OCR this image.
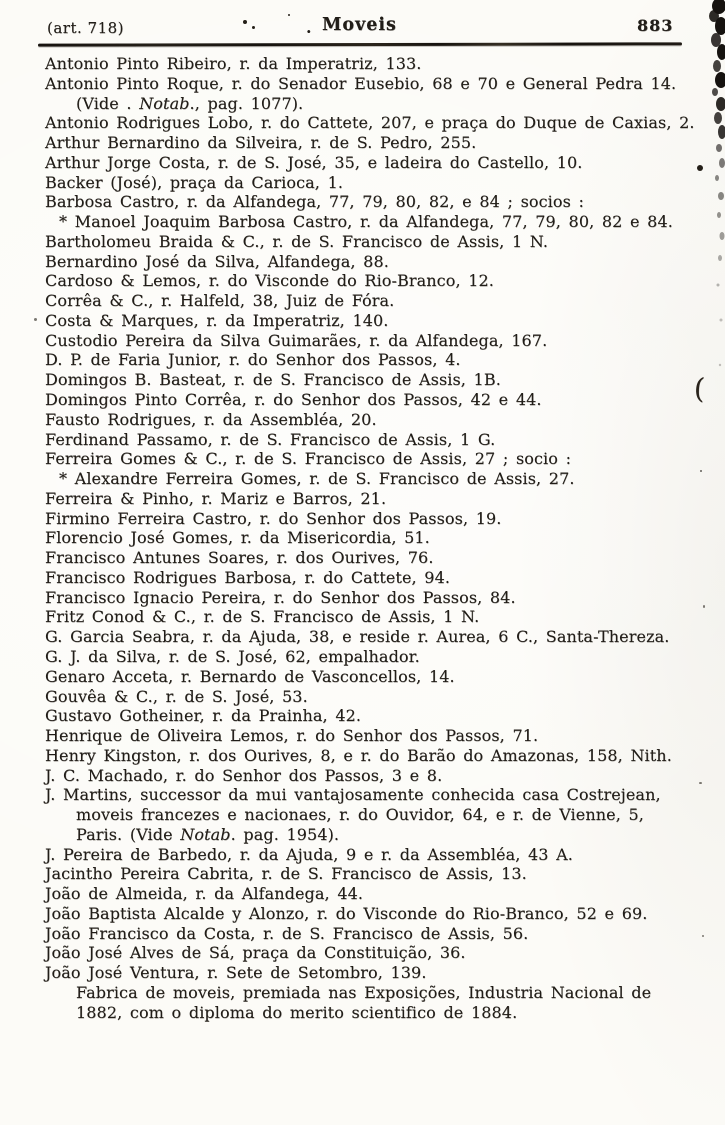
(art. 718)	. Moveis	883
(
Antonio Pinto Ribeiro, r. da Imperatriz, 133.
Antonio Pinto Roque, r. do Senador Eusebio, 68 e 70 e General Pedra 14.
(Vide . Notab., pag. 1077).
Antonio Rodrigues Lobo, r. do Cattete, 207, e praça do Duque de Caxias, 2.
Arthur Bernardino da Silveira, r. de S. Pedro, 255.
Arthur Jorge Costa, r. de S. José, 35, e ladeira do Castello, 10.
Backer (José), praça da Carioca, 1.
Barbosa Castro, r. da Alfandega, 77, 79, 80, 82, e 84 ; socios :
* Manoel Joaquim Barbosa Castro, r. da Alfandega, 77, 79, 80, 82 e 84.
Bartholomeu Braida & C., r. de S. Francisco de Assis, 1 N.
Bernardino José da Silva, Alfandega, 88.
Cardoso & Lemos, r. do Visconde do Rio-Branco, 12.
Corrêa & C., r. Halfeld, 38, Juiz de Fóra.
Costa & Marques, r. da Imperatriz, 140.
Custodio Pereira da Silva Guimarães, r. da Alfandega, 167.
D. P. de Faria Junior, r. do Senhor dos Passos, 4.
Domingos B. Basteat, r. de S. Francisco de Assis, 1B.
Domingos Pinto Corrêa, r. do Senhor dos Passos, 42 e 44.
Fausto Rodrigues, r. da Assembléa, 20.
Ferdinand Passamo, r. de S. Francisco de Assis, 1 G.
Ferreira Gomes & C., r. de S. Francisco de Assis, 27 ; socio :
* Alexandre Ferreira Gomes, r. de S. Francisco de Assis, 27.
Ferreira & Pinho, r. Mariz e Barros, 21.
Firmino Ferreira Castro, r. do Senhor dos Passos, 19.
Florencio José Gomes, r. da Misericordia, 51.
Francisco Antunes Soares, r. dos Ourives, 76.
Francisco Rodrigues Barbosa, r. do Cattete, 94.
Francisco Ignacio Pereira, r. do Senhor dos Passos, 84.
Fritz Conod & C., r. de S. Francisco de Assis, 1 N.
G. Garcia Seabra, r. da Ajuda, 38, e reside r. Aurea, 6 C., Santa-Thereza.
G. J. da Silva, r. de S. José, 62, empalhador.
Genaro Acceta, r. Bernardo de Vasconcellos, 14.
Gouvêa & C., r. de S. José, 53.
Gustavo Gotheiner, r. da Prainha, 42.
Henrique de Oliveira Lemos, r. do Senhor dos Passos, 71.
Henry Kingston, r. dos Ourives, 8, e r. do Barão do Amazonas, 158, Nith.
J. C. Machado, r. do Senhor dos Passos, 3 e 8.
J. Martins, successor da mui vantajosamente conhecida casa Costrejean,
moveis francezes e nacionaes, r. do Ouvidor, 64, e r. de Vienne, 5,
Paris. (Vide Notab. pag. 1954).
J. Pereira de Barbedo, r. da Ajuda, 9 e r. da Assembléa, 43 A.
Jacintho Pereira Cabrita, r. de S. Francisco de Assis, 13.
João de Almeida, r. da Alfandega, 44.
João Baptista Alcalde y Alonzo, r. do Visconde do Rio-Branco, 52 e 69.
João Francisco da Costa, r. de S. Francisco de Assis, 56.
João José Alves de Sá, praça da Constituição, 36.
João José Ventura, r. Sete de Setombro, 139.
Fabrica de moveis, premiada nas Exposições, Industria Nacional de
1882, com o diploma do merito scientifico de 1884.
